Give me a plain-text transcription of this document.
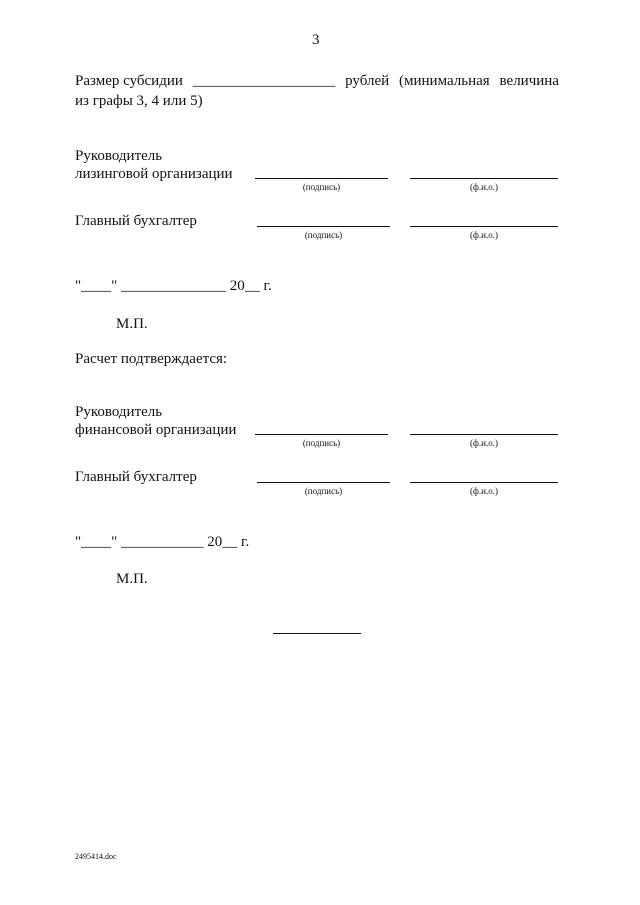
3
Размер субсидии ___________________ рублей (минимальная величина
из графы 3, 4 или 5)
Руководитель
лизинговой организации
(подпись)	(ф.и.о.)
Главный бухгалтер
(подпись)	(ф.и.о.)
"____" ______________ 20__ г.
М.П.
Расчет подтверждается:
Руководитель
финансовой организации
(подпись)	(ф.и.о.)
Главный бухгалтер
(подпись)	(ф.и.о.)
"____" ___________ 20__ г.
М.П.
2495414.doc
